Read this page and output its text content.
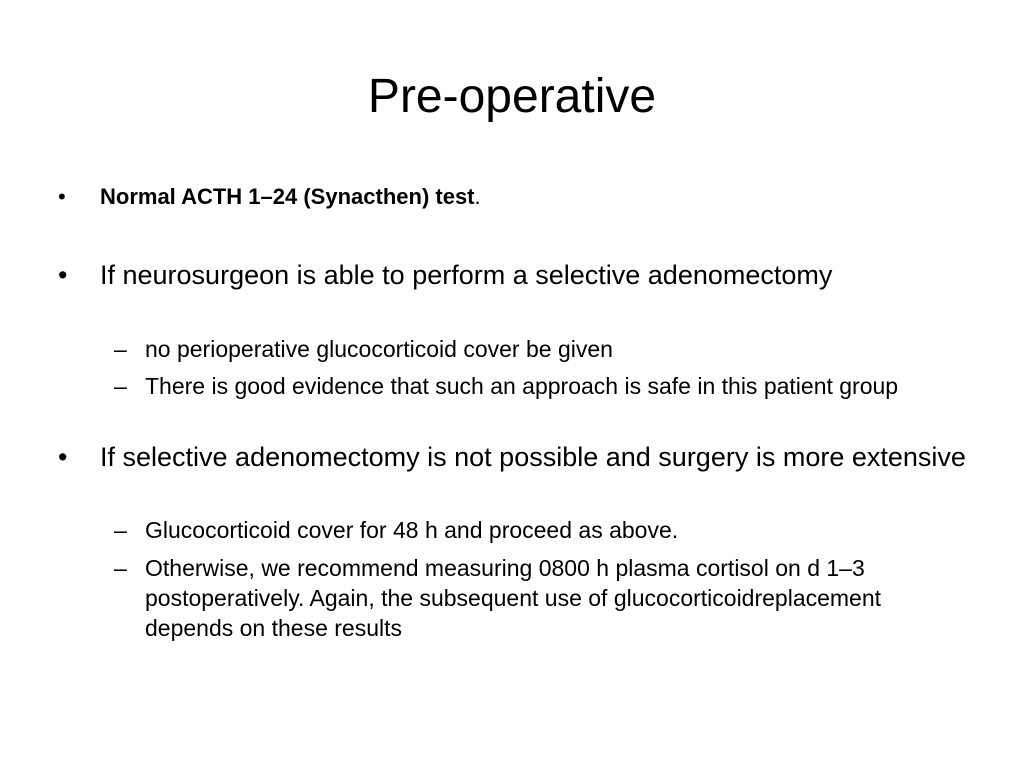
Pre-operative
• Normal ACTH 1–24 (Synacthen) test.
• If neurosurgeon is able to perform a selective adenomectomy
– no perioperative glucocorticoid cover be given
– There is good evidence that such an approach is safe in this patient group
• If selective adenomectomy is not possible and surgery is more extensive
– Glucocorticoid cover for 48 h and proceed as above.
– Otherwise, we recommend measuring 0800 h plasma cortisol on d 1–3 postoperatively. Again, the subsequent use of glucocorticoidreplacement depends on these results
